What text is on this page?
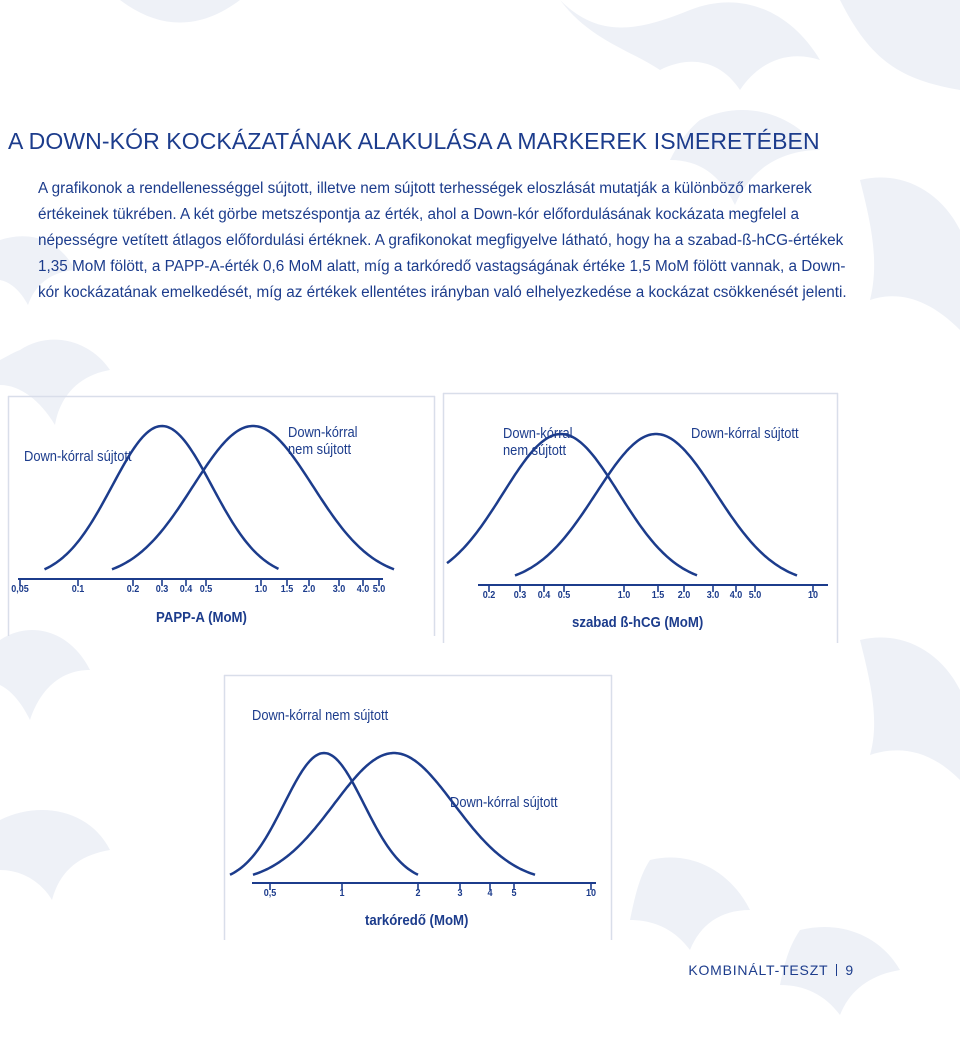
A DOWN-KÓR KOCKÁZATÁNAK ALAKULÁSA A MARKEREK ISMERETÉBEN

A grafikonok a rendellenességgel sújtott, illetve nem sújtott terhességek eloszlását mutatják a különböző markerek értékeinek tükrében. A két görbe metszéspontja az érték, ahol a Down-kór előfordulásának kockázata megfelel a népességre vetített átlagos előfordulási értéknek. A grafikonokat megfigyelve látható, hogy ha a szabad-ß-hCG-értékek 1,35 MoM fölött, a PAPP-A-érték 0,6 MoM alatt, míg a tarkóredő vastagságának értéke 1,5 MoM fölött vannak, a Down-kór kockázatának emelkedését, míg az értékek ellentétes irányban való elhelyezkedése a kockázat csökkenését jelenti.

Down-kórral sújtott
Down-kórral
nem sújtott
0,05	0.1	0.2 0.3 0.4 0.5	1.0 1.5 2.0 3.0 4.0 5.0
PAPP-A (MoM)
Down-kórral
nem sújtott
Down-kórral sújtott
0.2 0.3 0.4 0.5	1.0 1.5 2.0 3.0 4.0 5.0	10
szabad ß-hCG (MoM)
Down-kórral nem sújtott
Down-kórral sújtott
0,5	1	2	3 4 5	10
tarkóredő (MoM)
KOMBINÁLT-TESZT 9
